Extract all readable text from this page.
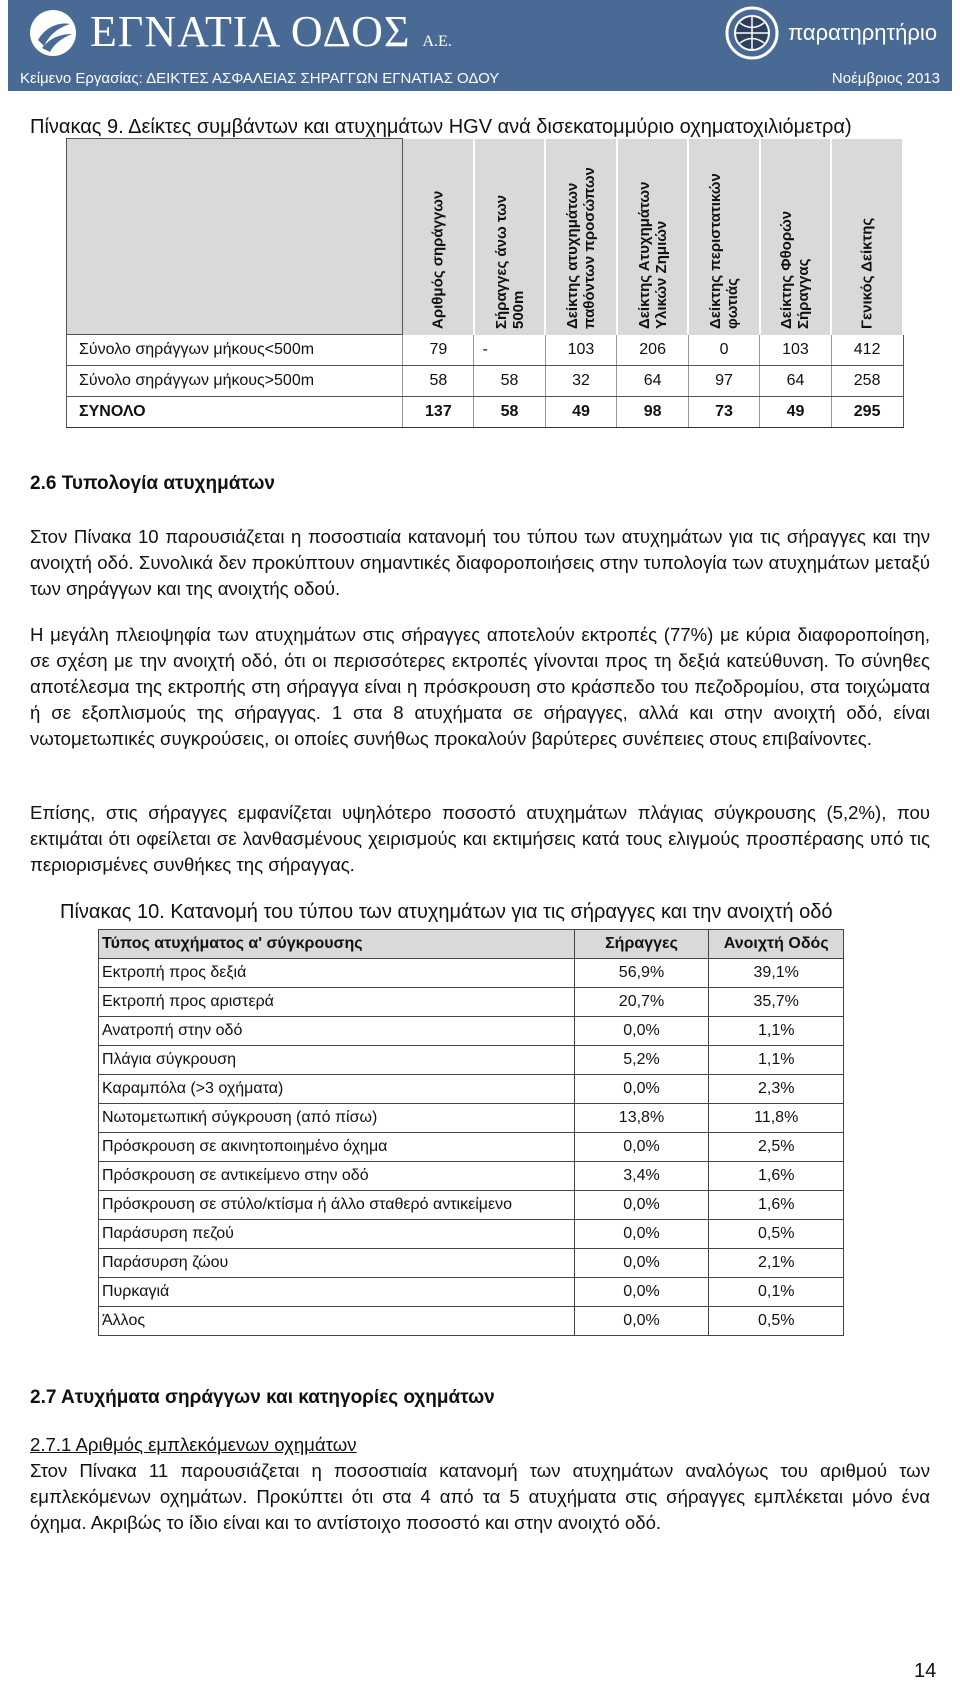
ΕΓΝΑΤΙΑ ΟΔΟΣ Α.Ε.	παρατηρητήριο
Κείμενο Εργασίας: ΔΕΙΚΤΕΣ ΑΣΦΑΛΕΙΑΣ ΣΗΡΑΓΓΩΝ ΕΓΝΑΤΙΑΣ ΟΔΟΥ	Νοέμβριος 2013
Πίνακας 9. Δείκτες συμβάντων και ατυχημάτων HGV ανά δισεκατομμύριο οχηματοχιλιόμετρα)

	Αριθμός σηράγγων	Σήραγγες άνω των 500m	Δείκτης ατυχημάτων παθόντων προσώπων	Δείκτης Ατυχημάτων Υλικών Ζημιών	Δείκτης περιστατικών φωτιάς	Δείκτης Φθορών Σήραγγας	Γενικός Δείκτης

Σύνολο σηράγγων μήκους<500m	79	-	103	206	0	103	412
Σύνολο σηράγγων μήκους>500m	58	58	32	64	97	64	258
ΣΥΝΟΛΟ	137	58	49	98	73	49	295
2.6 Τυπολογία ατυχημάτων
Στον Πίνακα 10 παρουσιάζεται η ποσοστιαία κατανομή του τύπου των ατυχημάτων για τις σήραγγες και την ανοιχτή οδό. Συνολικά δεν προκύπτουν σημαντικές διαφοροποιήσεις στην τυπολογία των ατυχημάτων μεταξύ των σηράγγων και της ανοιχτής οδού.
Η μεγάλη πλειοψηφία των ατυχημάτων στις σήραγγες αποτελούν εκτροπές (77%) με κύρια διαφοροποίηση, σε σχέση με την ανοιχτή οδό, ότι οι περισσότερες εκτροπές γίνονται προς τη δεξιά κατεύθυνση. Το σύνηθες αποτέλεσμα της εκτροπής στη σήραγγα είναι η πρόσκρουση στο κράσπεδο του πεζοδρομίου, στα τοιχώματα ή σε εξοπλισμούς της σήραγγας. 1 στα 8 ατυχήματα σε σήραγγες, αλλά και στην ανοιχτή οδό, είναι νωτομετωπικές συγκρούσεις, οι οποίες συνήθως προκαλούν βαρύτερες συνέπειες στους επιβαίνοντες.
Επίσης, στις σήραγγες εμφανίζεται υψηλότερο ποσοστό ατυχημάτων πλάγιας σύγκρουσης (5,2%), που εκτιμάται ότι οφείλεται σε λανθασμένους χειρισμούς και εκτιμήσεις κατά τους ελιγμούς προσπέρασης υπό τις περιορισμένες συνθήκες της σήραγγας.
Πίνακας 10. Κατανομή του τύπου των ατυχημάτων για τις σήραγγες και την ανοιχτή οδό
Τύπος ατυχήματος α' σύγκρουσης	Σήραγγες	Ανοιχτή Οδός
Εκτροπή προς δεξιά	56,9%	39,1%
Εκτροπή προς αριστερά	20,7%	35,7%
Ανατροπή στην οδό	0,0%	1,1%
Πλάγια σύγκρουση	5,2%	1,1%
Καραμπόλα (>3 οχήματα)	0,0%	2,3%
Νωτομετωπική σύγκρουση (από πίσω)	13,8%	11,8%
Πρόσκρουση σε ακινητοποιημένο όχημα	0,0%	2,5%
Πρόσκρουση σε αντικείμενο στην οδό	3,4%	1,6%
Πρόσκρουση σε στύλο/κτίσμα ή άλλο σταθερό αντικείμενο	0,0%	1,6%
Παράσυρση πεζού	0,0%	0,5%
Παράσυρση ζώου	0,0%	2,1%
Πυρκαγιά	0,0%	0,1%
Άλλος	0,0%	0,5%
2.7 Ατυχήματα σηράγγων και κατηγορίες οχημάτων
2.7.1 Αριθμός εμπλεκόμενων οχημάτων
Στον Πίνακα 11 παρουσιάζεται η ποσοστιαία κατανομή των ατυχημάτων αναλόγως του αριθμού των εμπλεκόμενων οχημάτων. Προκύπτει ότι στα 4 από τα 5 ατυχήματα στις σήραγγες εμπλέκεται μόνο ένα όχημα. Ακριβώς το ίδιο είναι και το αντίστοιχο ποσοστό και στην ανοιχτό οδό.
14
